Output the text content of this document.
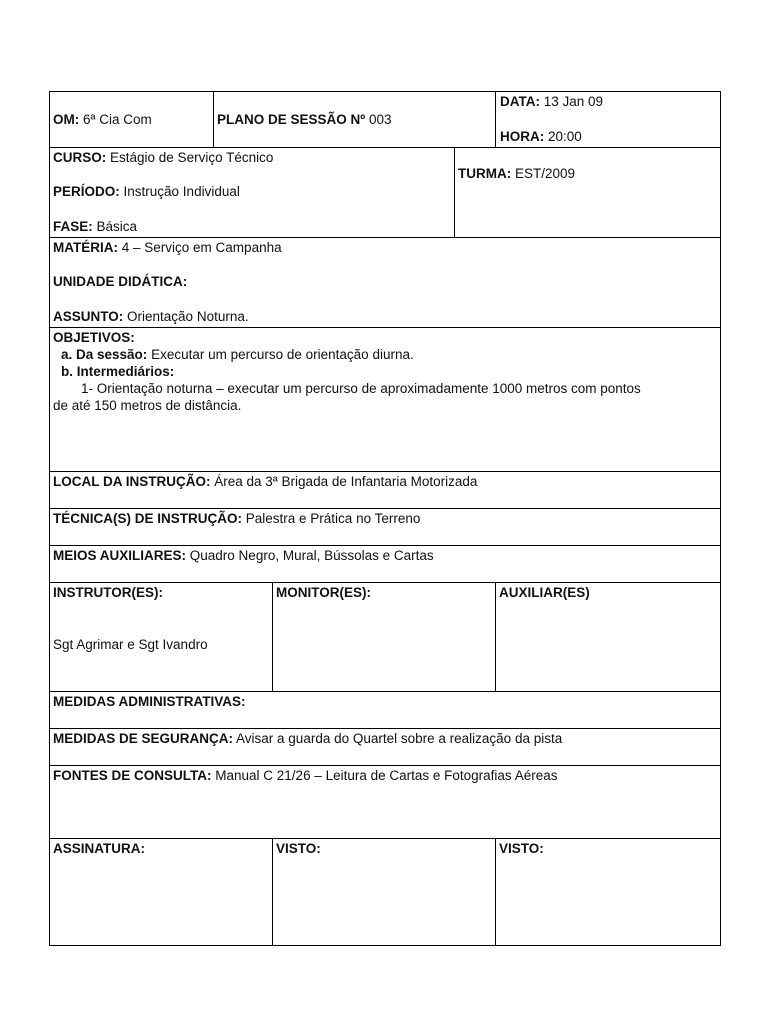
OM: 6ª Cia Com	PLANO DE SESSÃO Nº 003
DATA: 13 Jan 09
HORA: 20:00
CURSO: Estágio de Serviço Técnico
PERÍODO: Instrução Individual
FASE: Básica
TURMA: EST/2009
MATÉRIA: 4 – Serviço em Campanha
UNIDADE DIDÁTICA:
ASSUNTO: Orientação Noturna.
OBJETIVOS:
a. Da sessão: Executar um percurso de orientação diurna.
b. Intermediários:
1- Orientação noturna – executar um percurso de aproximadamente 1000 metros com pontos
de até 150 metros de distância.
LOCAL DA INSTRUÇÃO: Área da 3ª Brigada de Infantaria Motorizada
TÉCNICA(S) DE INSTRUÇÃO: Palestra e Prática no Terreno
MEIOS AUXILIARES: Quadro Negro, Mural, Bússolas e Cartas
INSTRUTOR(ES):
Sgt Agrimar e Sgt Ivandro
MONITOR(ES):	AUXILIAR(ES)
MEDIDAS ADMINISTRATIVAS:
MEDIDAS DE SEGURANÇA: Avisar a guarda do Quartel sobre a realização da pista
FONTES DE CONSULTA: Manual C 21/26 – Leitura de Cartas e Fotografias Aéreas
ASSINATURA:	VISTO:	VISTO:
